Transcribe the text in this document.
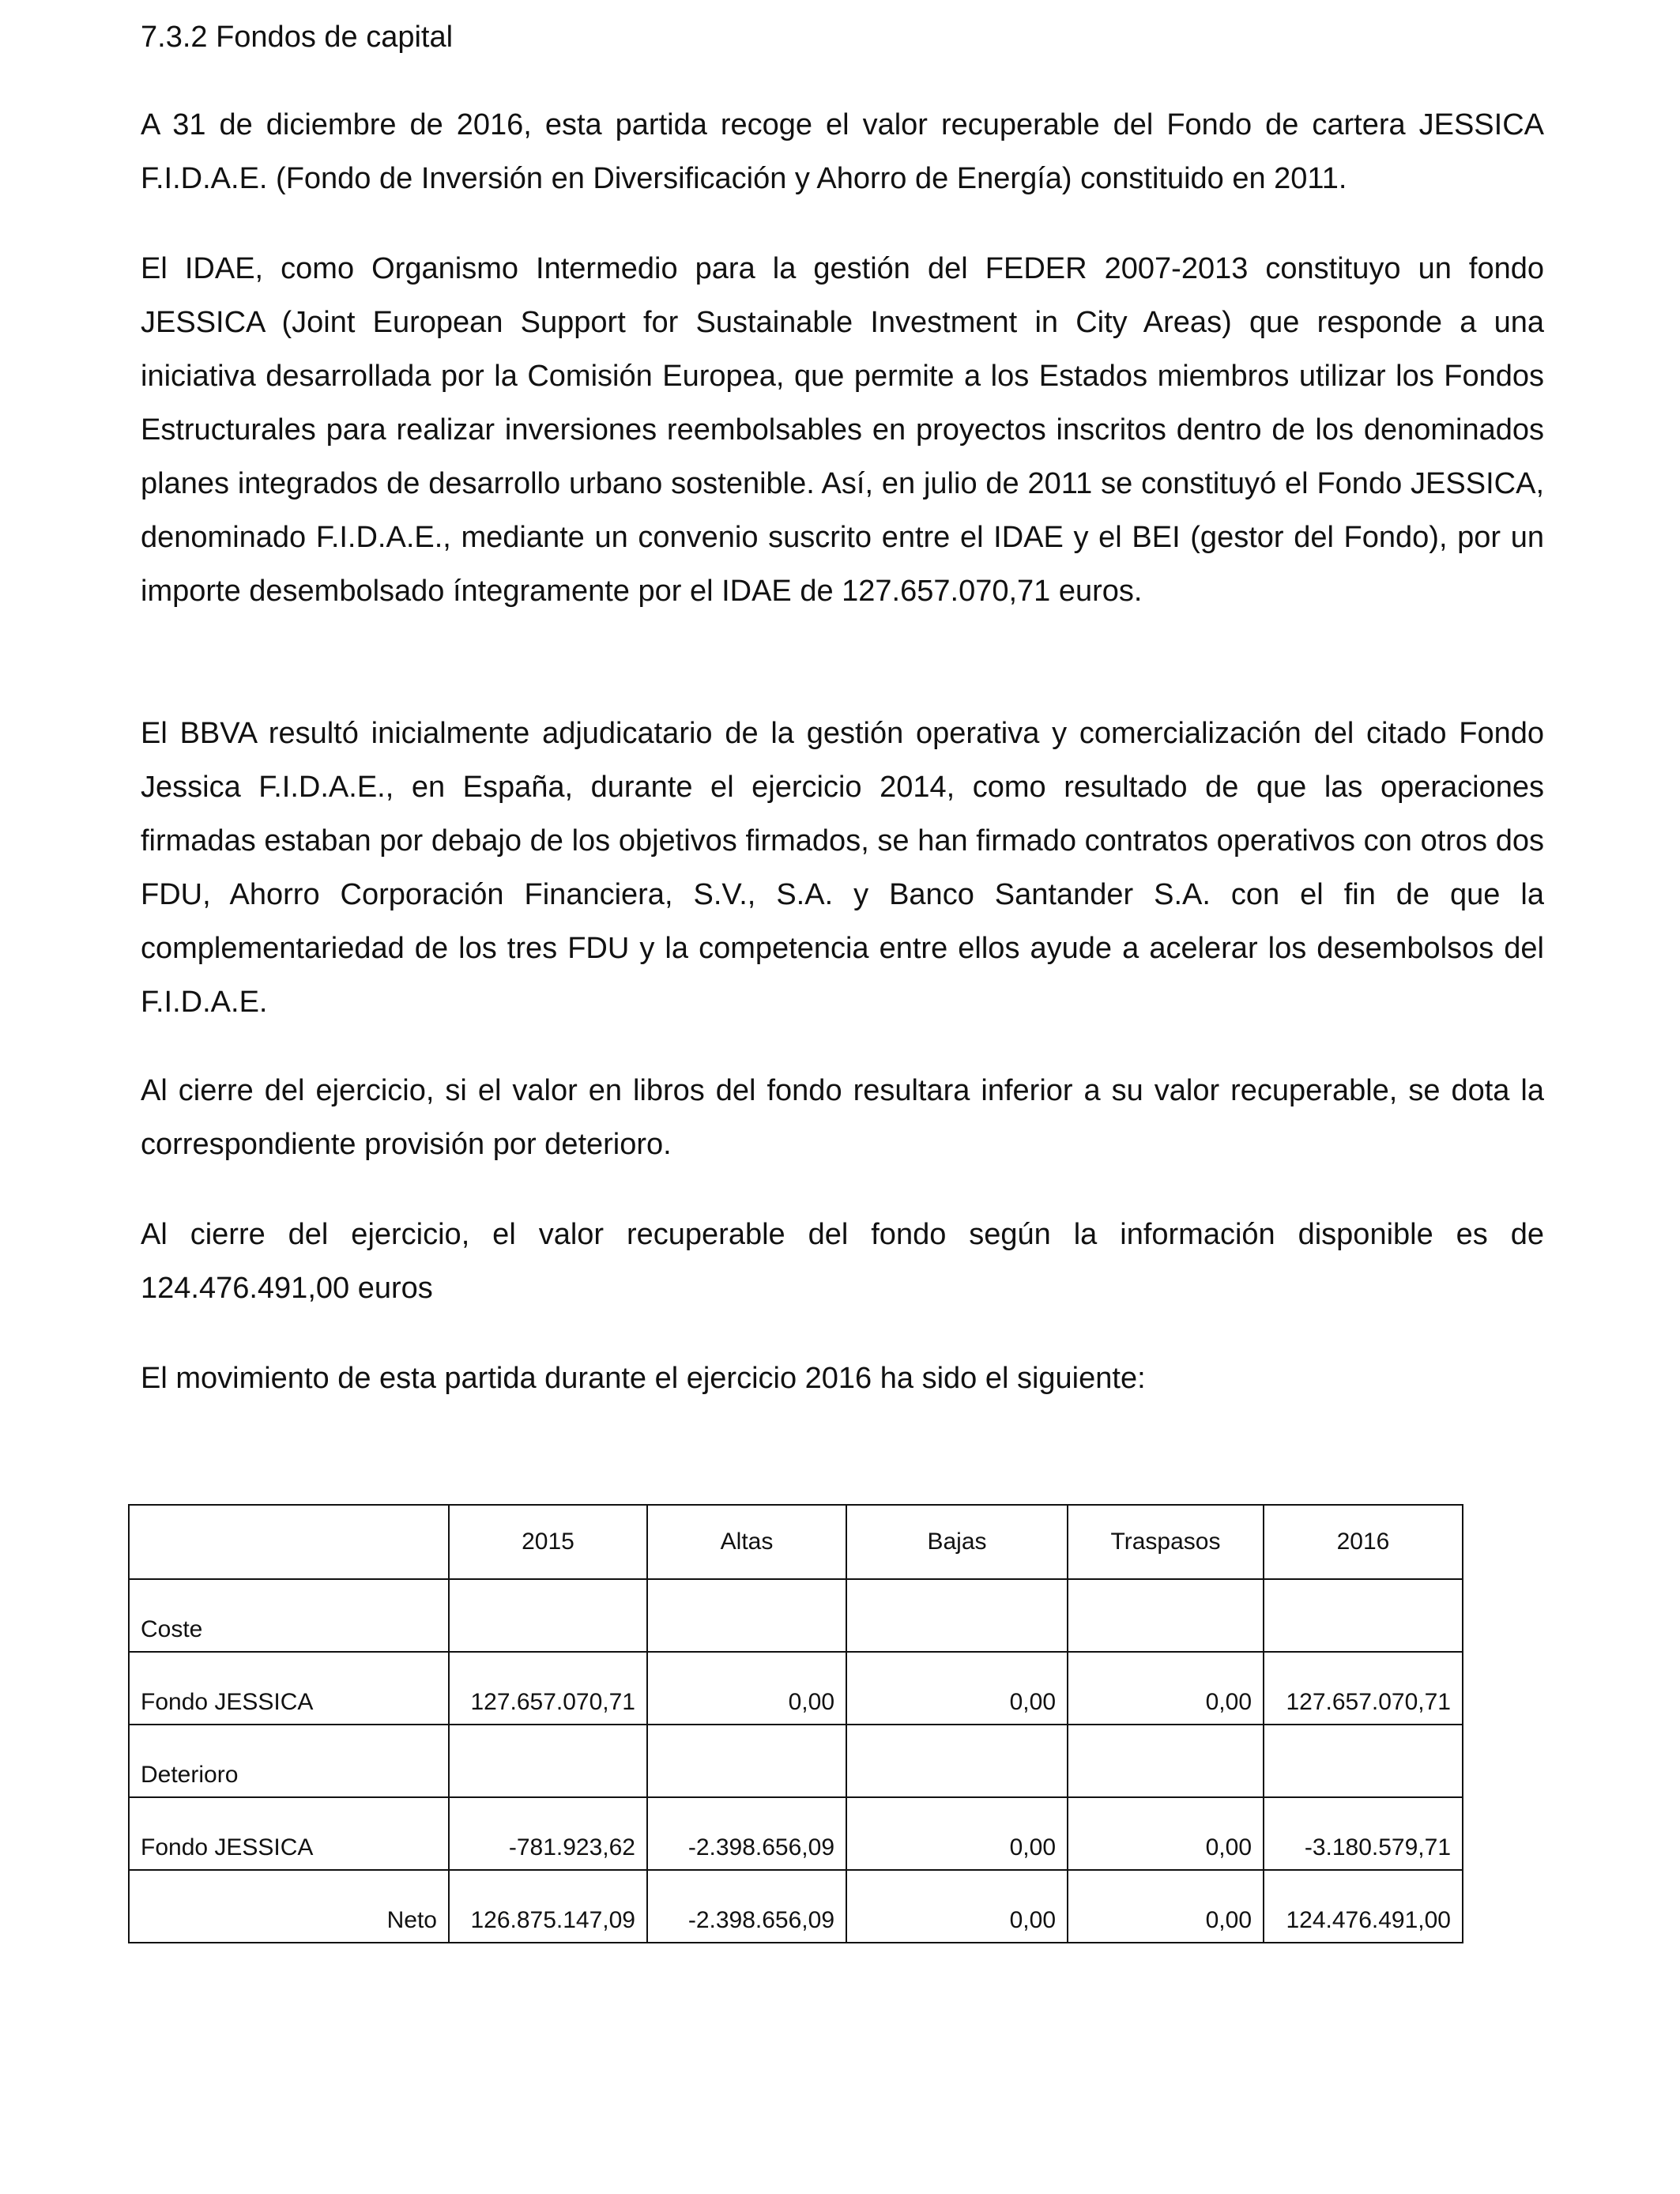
7.3.2 Fondos de capital

A 31 de diciembre de 2016, esta partida recoge el valor recuperable del Fondo de cartera JESSICA F.I.D.A.E. (Fondo de Inversión en Diversificación y Ahorro de Energía) constituido en 2011.

El IDAE, como Organismo Intermedio para la gestión del FEDER 2007-2013 constituyo un fondo JESSICA (Joint European Support for Sustainable Investment in City Areas) que responde a una iniciativa desarrollada por la Comisión Europea, que permite a los Estados miembros utilizar los Fondos Estructurales para realizar inversiones reembolsables en proyectos inscritos dentro de los denominados planes integrados de desarrollo urbano sostenible. Así, en julio de 2011 se constituyó el Fondo JESSICA, denominado F.I.D.A.E., mediante un convenio suscrito entre el IDAE y el BEI (gestor del Fondo), por un importe desembolsado íntegramente por el IDAE de 127.657.070,71 euros.

El BBVA resultó inicialmente adjudicatario de la gestión operativa y comercialización del citado Fondo Jessica F.I.D.A.E., en España, durante el ejercicio 2014, como resultado de que las operaciones firmadas estaban por debajo de los objetivos firmados, se han firmado contratos operativos con otros dos FDU, Ahorro Corporación Financiera, S.V., S.A. y Banco Santander S.A. con el fin de que la complementariedad de los tres FDU y la competencia entre ellos ayude a acelerar los desembolsos del F.I.D.A.E.

Al cierre del ejercicio, si el valor en libros del fondo resultara inferior a su valor recuperable, se dota la correspondiente provisión por deterioro.

Al cierre del ejercicio, el valor recuperable del fondo según la información disponible es de 124.476.491,00 euros

El movimiento de esta partida durante el ejercicio 2016 ha sido el siguiente:

	2015	Altas	Bajas	Traspasos	2016
Coste					
Fondo JESSICA	127.657.070,71	0,00	0,00	0,00	127.657.070,71
Deterioro					
Fondo JESSICA	-781.923,62	-2.398.656,09	0,00	0,00	-3.180.579,71
Neto	126.875.147,09	-2.398.656,09	0,00	0,00	124.476.491,00
